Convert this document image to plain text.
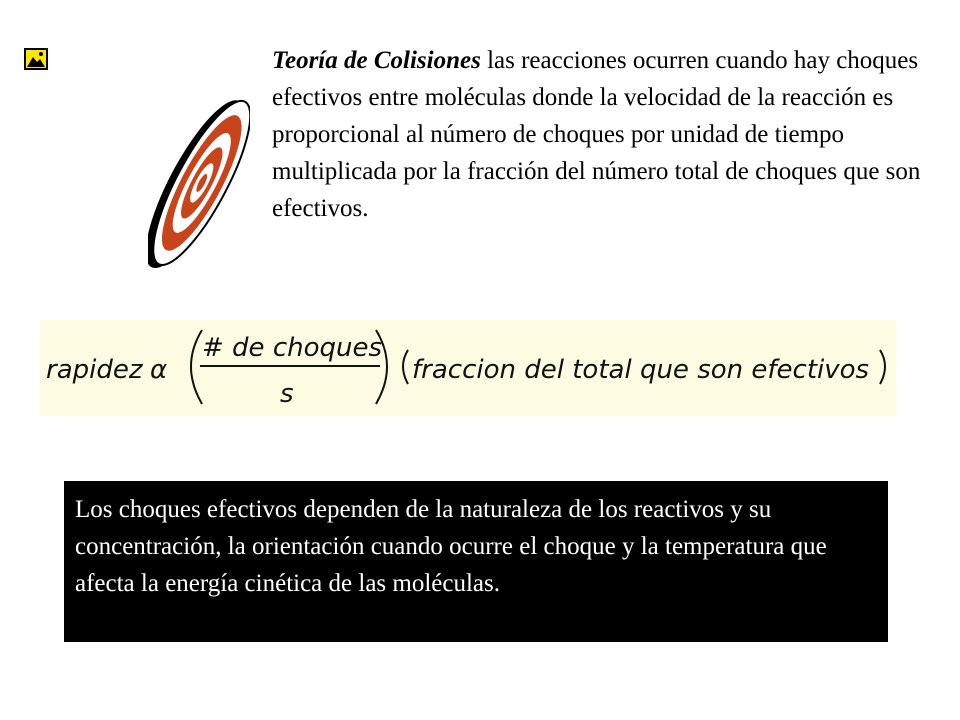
Teoría de Colisiones las reacciones ocurren cuando hay choques efectivos entre moléculas donde la velocidad de la reacción es proporcional al número de choques por unidad de tiempo multiplicada por la fracción del número total de choques que son efectivos.

rapidez α
# de choques
s
fraccion del total que son efectivos

Los choques efectivos dependen de la naturaleza de los reactivos y su concentración, la orientación cuando ocurre el choque y la temperatura que afecta la energía cinética de las moléculas.
